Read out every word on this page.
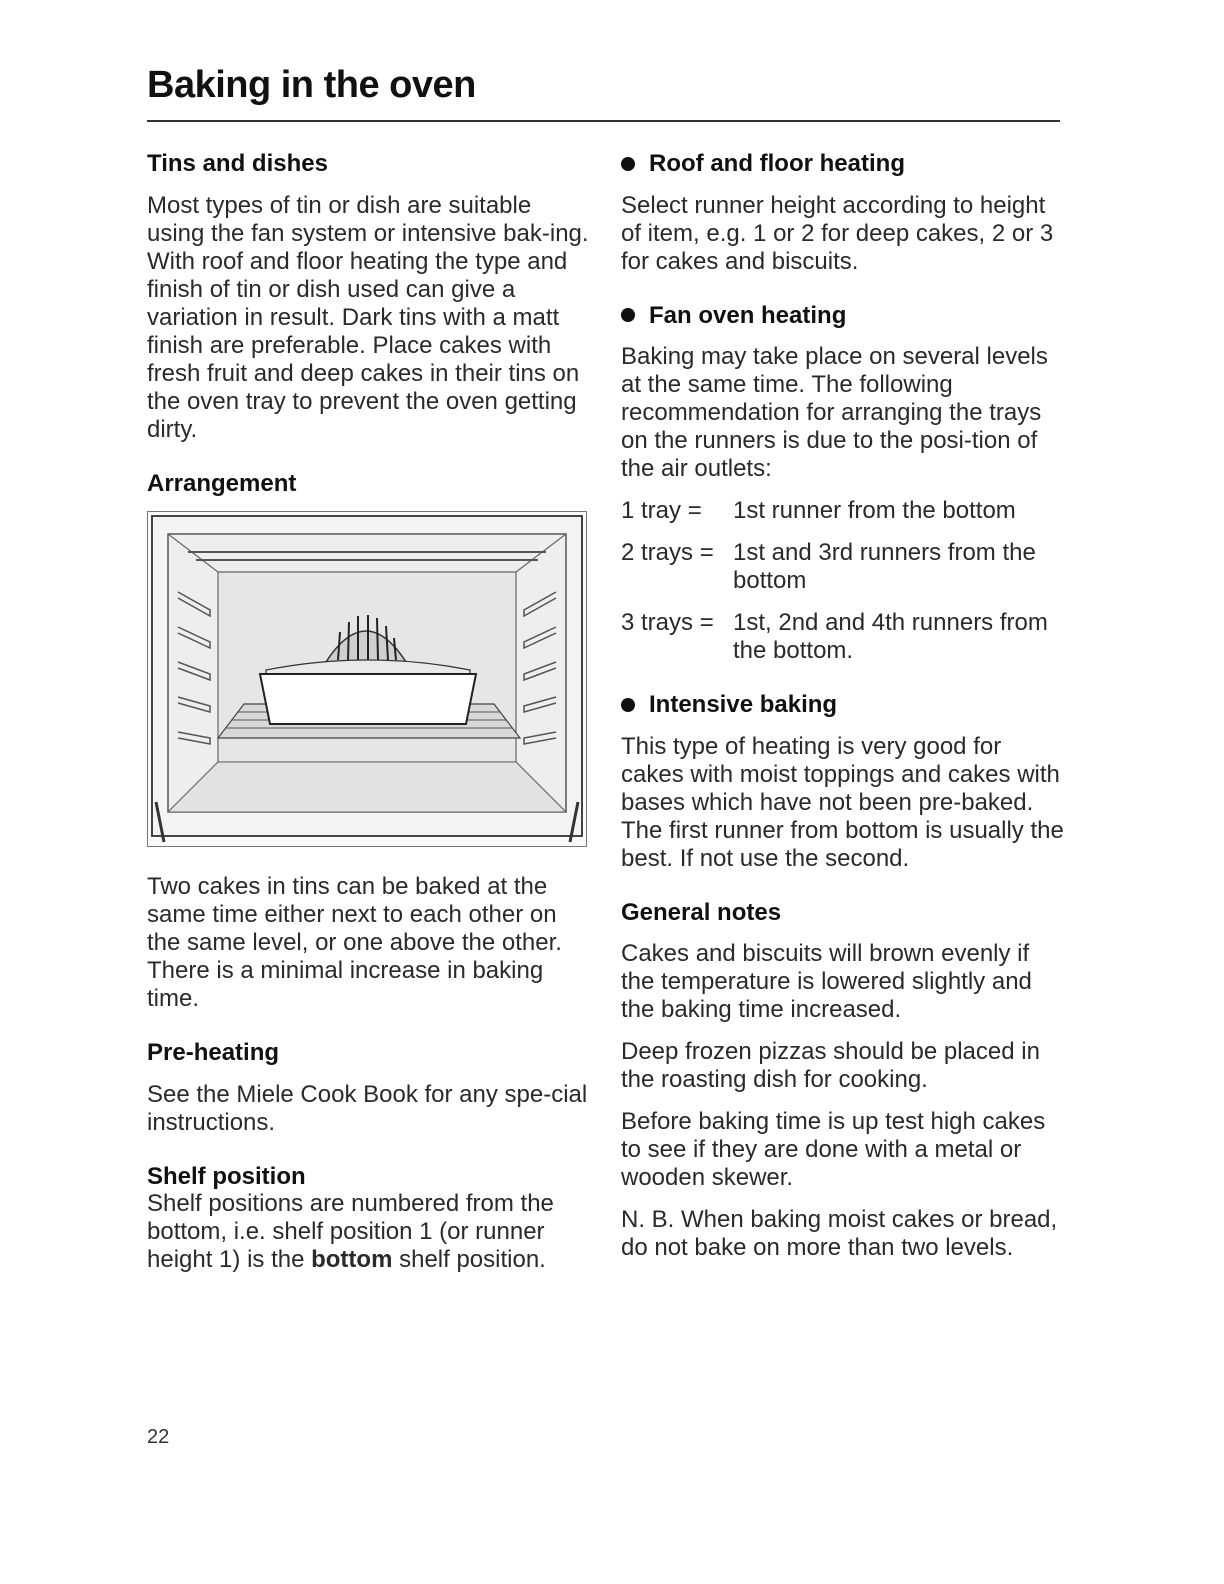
Baking in the oven
Tins and dishes

Most types of tin or dish are suitable using the fan system or intensive bak-ing. With roof and floor heating the type and finish of tin or dish used can give a variation in result. Dark tins with a matt finish are preferable. Place cakes with fresh fruit and deep cakes in their tins on the oven tray to prevent the oven getting dirty.

Arrangement

Two cakes in tins can be baked at the same time either next to each other on the same level, or one above the other. There is a minimal increase in baking time.

Pre-heating

See the Miele Cook Book for any spe-cial instructions.

Shelf position

Shelf positions are numbered from the bottom, i.e. shelf position 1 (or runner height 1) is the bottom shelf position.

Roof and floor heating

Select runner height according to height of item, e.g. 1 or 2 for deep cakes, 2 or 3 for cakes and biscuits.

Fan oven heating

Baking may take place on several levels at the same time. The following recommendation for arranging the trays on the runners is due to the posi-tion of the air outlets:

1 tray =	1st runner from the bottom
2 trays = 1st and 3rd runners from the bottom
3 trays = 1st, 2nd and 4th runners from the bottom.
Intensive baking

This type of heating is very good for cakes with moist toppings and cakes with bases which have not been pre-baked.

The first runner from bottom is usually the best. If not use the second.

General notes

Cakes and biscuits will brown evenly if the temperature is lowered slightly and the baking time increased.

Deep frozen pizzas should be placed in the roasting dish for cooking.

Before baking time is up test high cakes to see if they are done with a metal or wooden skewer.

N. B. When baking moist cakes or bread, do not bake on more than two levels.

22
